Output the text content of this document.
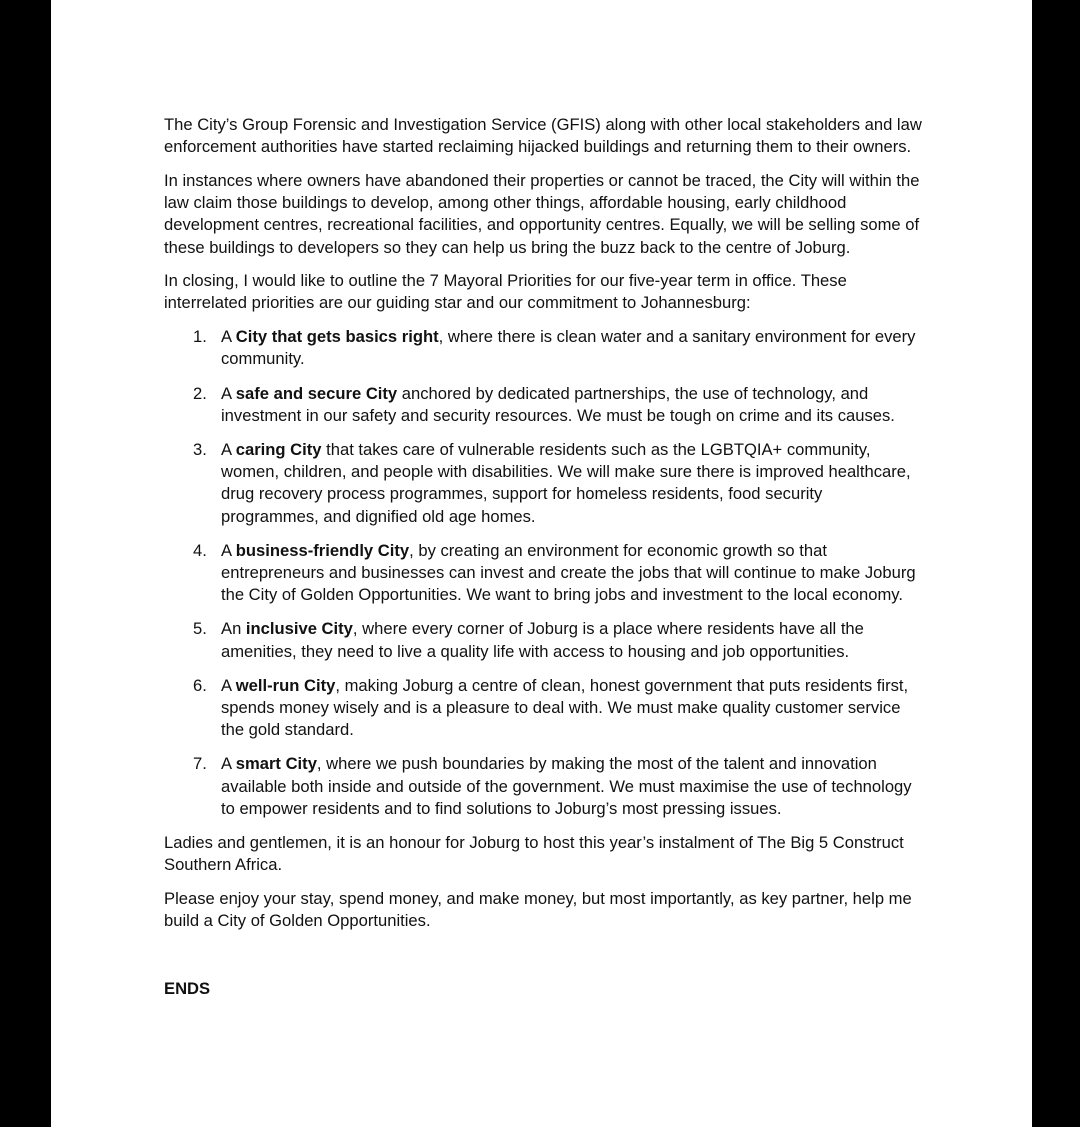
The City’s Group Forensic and Investigation Service (GFIS) along with other local stakeholders and law enforcement authorities have started reclaiming hijacked buildings and returning them to their owners.

In instances where owners have abandoned their properties or cannot be traced, the City will within the law claim those buildings to develop, among other things, affordable housing, early childhood development centres, recreational facilities, and opportunity centres. Equally, we will be selling some of these buildings to developers so they can help us bring the buzz back to the centre of Joburg.

In closing, I would like to outline the 7 Mayoral Priorities for our five-year term in office. These interrelated priorities are our guiding star and our commitment to Johannesburg:

1. A City that gets basics right, where there is clean water and a sanitary environment for every community.
2. A safe and secure City anchored by dedicated partnerships, the use of technology, and investment in our safety and security resources. We must be tough on crime and its causes.
3. A caring City that takes care of vulnerable residents such as the LGBTQIA+ community, women, children, and people with disabilities. We will make sure there is improved healthcare, drug recovery process programmes, support for homeless residents, food security programmes, and dignified old age homes.
4. A business-friendly City, by creating an environment for economic growth so that entrepreneurs and businesses can invest and create the jobs that will continue to make Joburg the City of Golden Opportunities. We want to bring jobs and investment to the local economy.
5. An inclusive City, where every corner of Joburg is a place where residents have all the amenities, they need to live a quality life with access to housing and job opportunities.
6. A well-run City, making Joburg a centre of clean, honest government that puts residents first, spends money wisely and is a pleasure to deal with. We must make quality customer service the gold standard.
7. A smart City, where we push boundaries by making the most of the talent and innovation available both inside and outside of the government. We must maximise the use of technology to empower residents and to find solutions to Joburg’s most pressing issues.

Ladies and gentlemen, it is an honour for Joburg to host this year’s instalment of The Big 5 Construct Southern Africa.

Please enjoy your stay, spend money, and make money, but most importantly, as key partner, help me build a City of Golden Opportunities.

ENDS
